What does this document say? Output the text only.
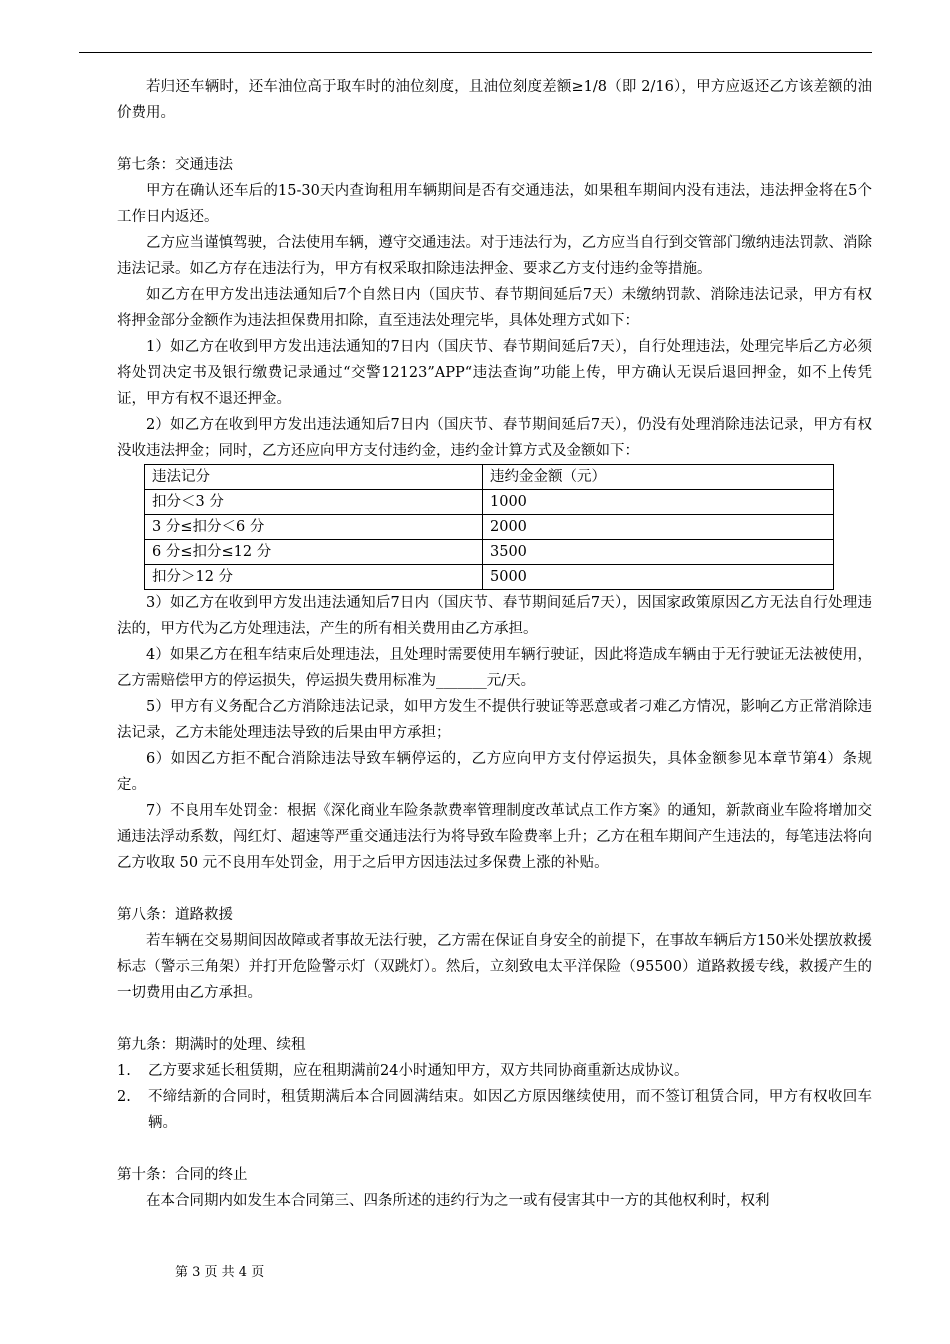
若归还车辆时，还车油位高于取车时的油位刻度，且油位刻度差额≥1/8（即 2/16），甲方应返还乙方该差额的油价费用。

第七条：交通违法

甲方在确认还车后的15-30天内查询租用车辆期间是否有交通违法，如果租车期间内没有违法，违法押金将在5个工作日内返还。

乙方应当谨慎驾驶，合法使用车辆，遵守交通违法。对于违法行为，乙方应当自行到交管部门缴纳违法罚款、消除违法记录。如乙方存在违法行为，甲方有权采取扣除违法押金、要求乙方支付违约金等措施。

如乙方在甲方发出违法通知后7个自然日内（国庆节、春节期间延后7天）未缴纳罚款、消除违法记录，甲方有权将押金部分金额作为违法担保费用扣除，直至违法处理完毕，具体处理方式如下：

1）如乙方在收到甲方发出违法通知的7日内（国庆节、春节期间延后7天），自行处理违法，处理完毕后乙方必须将处罚决定书及银行缴费记录通过“交警12123”APP“违法查询”功能上传，甲方确认无误后退回押金，如不上传凭证，甲方有权不退还押金。

2）如乙方在收到甲方发出违法通知后7日内（国庆节、春节期间延后7天），仍没有处理消除违法记录，甲方有权没收违法押金；同时，乙方还应向甲方支付违约金，违约金计算方式及金额如下：

违法记分	违约金金额（元）
扣分＜3 分	1000
3 分≤扣分＜6 分	2000
6 分≤扣分≤12 分	3500
扣分＞12 分	5000

3）如乙方在收到甲方发出违法通知后7日内（国庆节、春节期间延后7天），因国家政策原因乙方无法自行处理违法的，甲方代为乙方处理违法，产生的所有相关费用由乙方承担。

4）如果乙方在租车结束后处理违法，且处理时需要使用车辆行驶证，因此将造成车辆由于无行驶证无法被使用，乙方需赔偿甲方的停运损失，停运损失费用标准为_______元/天。

5）甲方有义务配合乙方消除违法记录，如甲方发生不提供行驶证等恶意或者刁难乙方情况，影响乙方正常消除违法记录，乙方未能处理违法导致的后果由甲方承担；

6）如因乙方拒不配合消除违法导致车辆停运的，乙方应向甲方支付停运损失，具体金额参见本章节第4）条规定。

7）不良用车处罚金：根据《深化商业车险条款费率管理制度改革试点工作方案》的通知，新款商业车险将增加交通违法浮动系数，闯红灯、超速等严重交通违法行为将导致车险费率上升；乙方在租车期间产生违法的，每笔违法将向乙方收取 50 元不良用车处罚金，用于之后甲方因违法过多保费上涨的补贴。

第八条：道路救援

若车辆在交易期间因故障或者事故无法行驶，乙方需在保证自身安全的前提下，在事故车辆后方150米处摆放救援标志（警示三角架）并打开危险警示灯（双跳灯）。然后，立刻致电太平洋保险（95500）道路救援专线，救援产生的一切费用由乙方承担。

第九条：期满时的处理、续租

1. 乙方要求延长租赁期，应在租期满前24小时通知甲方，双方共同协商重新达成协议。

2. 不缔结新的合同时，租赁期满后本合同圆满结束。如因乙方原因继续使用，而不签订租赁合同，甲方有权收回车辆。

第十条：合同的终止

在本合同期内如发生本合同第三、四条所述的违约行为之一或有侵害其中一方的其他权利时，权利

第 3 页 共 4 页
